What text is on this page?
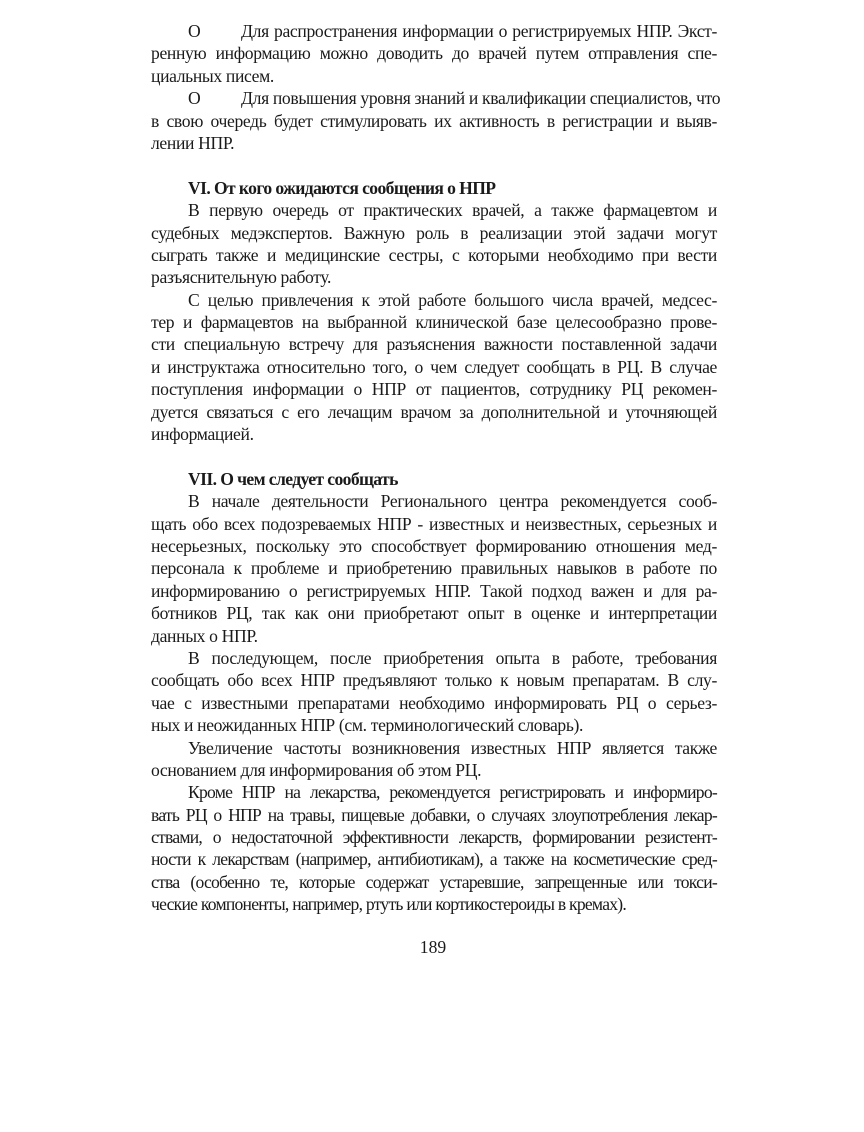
О	Для распространения информации о регистрируемых НПР. Экст-
ренную информацию можно доводить до врачей путем отправления спе-
циальных писем.
О	Для повышения уровня знаний и квалификации специалистов, что
в свою очередь будет стимулировать их активность в регистрации и выяв-
лении НПР.
VI. От кого ожидаются сообщения о НПР
В первую очередь от практических врачей, а также фармацевтом и
судебных медэкспертов. Важную роль в реализации этой задачи могут
сыграть также и медицинские сестры, с которыми необходимо при вести
разъяснительную работу.
С целью привлечения к этой работе большого числа врачей, медсес-
тер и фармацевтов на выбранной клинической базе целесообразно прове-
сти специальную встречу для разъяснения важности поставленной задачи
и инструктажа относительно того, о чем следует сообщать в РЦ. В случае
поступления информации о НПР от пациентов, сотруднику РЦ рекомен-
дуется связаться с его лечащим врачом за дополнительной и уточняющей
информацией.
VII. О чем следует сообщать
В начале деятельности Регионального центра рекомендуется сооб-
щать обо всех подозреваемых НПР - известных и неизвестных, серьезных и
несерьезных, поскольку это способствует формированию отношения мед-
персонала к проблеме и приобретению правильных навыков в работе по
информированию о регистрируемых НПР. Такой подход важен и для ра-
ботников РЦ, так как они приобретают опыт в оценке и интерпретации
данных о НПР.
В последующем, после приобретения опыта в работе, требования
сообщать обо всех НПР предъявляют только к новым препаратам. В слу-
чае с известными препаратами необходимо информировать РЦ о серьез-
ных и неожиданных НПР (см. терминологический словарь).
Увеличение частоты возникновения известных НПР является также
основанием для информирования об этом РЦ.
Кроме НПР на лекарства, рекомендуется регистрировать и информиро-
вать РЦ о НПР на травы, пищевые добавки, о случаях злоупотребления лекар-
ствами, о недостаточной эффективности лекарств, формировании резистент-
ности к лекарствам (например, антибиотикам), а также на косметические сред-
ства (особенно те, которые содержат устаревшие, запрещенные или токси-
ческие компоненты, например, ртуть или кортикостероиды в кремах).
189
